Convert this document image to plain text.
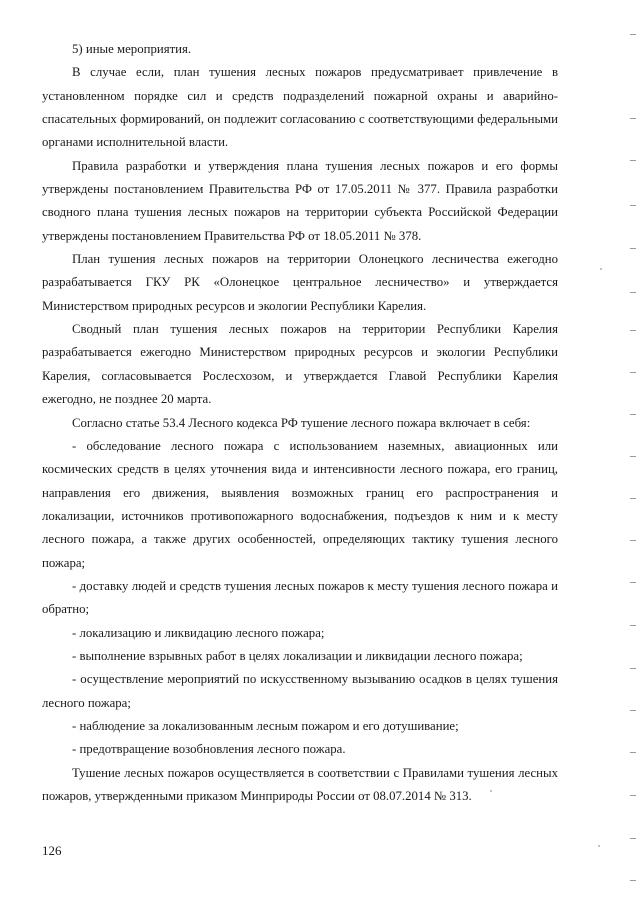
5) иные мероприятия.

В случае если, план тушения лесных пожаров предусматривает привлечение в установленном порядке сил и средств подразделений пожарной охраны и аварийно-спасательных формирований, он подлежит согласованию с соответствующими федеральными органами исполнительной власти.

Правила разработки и утверждения плана тушения лесных пожаров и его формы утверждены постановлением Правительства РФ от 17.05.2011 № 377. Правила разработки сводного плана тушения лесных пожаров на территории субъекта Российской Федерации утверждены постановлением Правительства РФ от 18.05.2011 № 378.

План тушения лесных пожаров на территории Олонецкого лесничества ежегодно разрабатывается ГКУ РК «Олонецкое центральное лесничество» и утверждается Министерством природных ресурсов и экологии Республики Карелия.

Сводный план тушения лесных пожаров на территории Республики Карелия разрабатывается ежегодно Министерством природных ресурсов и экологии Республики Карелия, согласовывается Рослесхозом, и утверждается Главой Республики Карелия ежегодно, не позднее 20 марта.

Согласно статье 53.4 Лесного кодекса РФ тушение лесного пожара включает в себя:

- обследование лесного пожара с использованием наземных, авиационных или космических средств в целях уточнения вида и интенсивности лесного пожара, его границ, направления его движения, выявления возможных границ его распространения и локализации, источников противопожарного водоснабжения, подъездов к ним и к месту лесного пожара, а также других особенностей, определяющих тактику тушения лесного пожара;

- доставку людей и средств тушения лесных пожаров к месту тушения лесного пожара и обратно;

- локализацию и ликвидацию лесного пожара;

- выполнение взрывных работ в целях локализации и ликвидации лесного пожара;

- осуществление мероприятий по искусственному вызыванию осадков в целях тушения лесного пожара;

- наблюдение за локализованным лесным пожаром и его дотушивание;

- предотвращение возобновления лесного пожара.

Тушение лесных пожаров осуществляется в соответствии с Правилами тушения лесных пожаров, утвержденными приказом Минприроды России от 08.07.2014 № 313.

126
